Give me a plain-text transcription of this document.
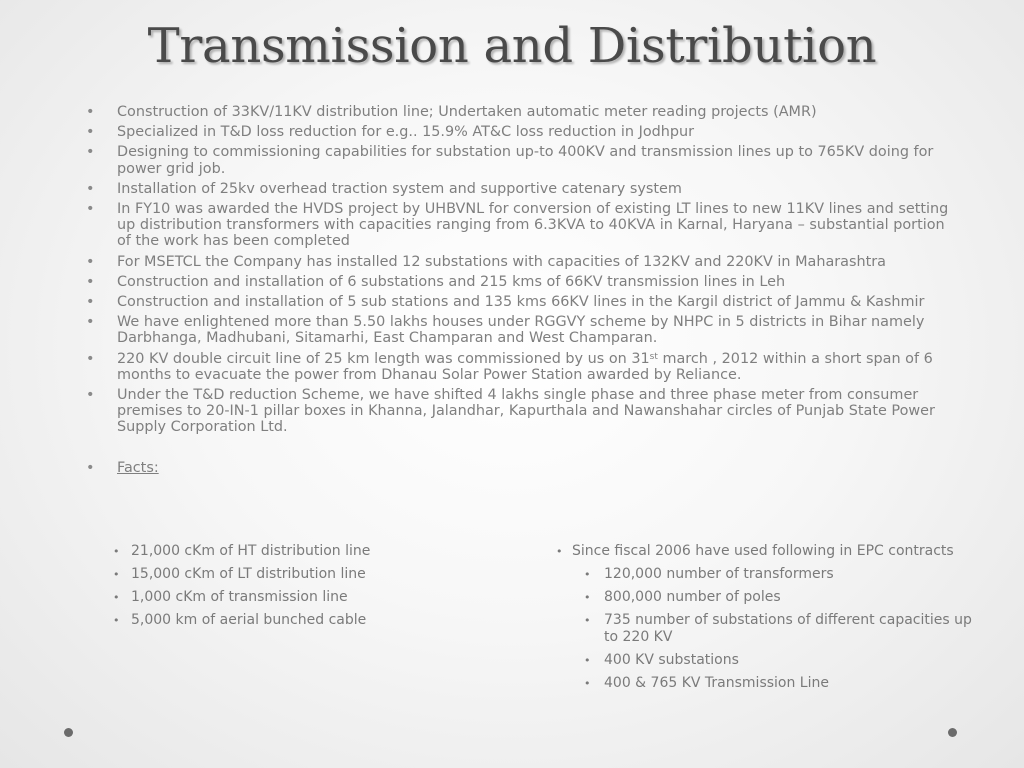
Transmission and Distribution
• Construction of 33KV/11KV distribution line; Undertaken automatic meter reading projects (AMR)
• Specialized in T&D loss reduction for e.g.. 15.9% AT&C loss reduction in Jodhpur
• Designing to commissioning capabilities for substation up-to 400KV and transmission lines up to 765KV doing for power grid job.
• Installation of 25kv overhead traction system and supportive catenary system
• In FY10 was awarded the HVDS project by UHBVNL for conversion of existing LT lines to new 11KV lines and setting up distribution transformers with capacities ranging from 6.3KVA to 40KVA in Karnal, Haryana – substantial portion of the work has been completed
• For MSETCL the Company has installed 12 substations with capacities of 132KV and 220KV in Maharashtra
• Construction and installation of 6 substations and 215 kms of 66KV transmission lines in Leh
• Construction and installation of 5 sub stations and 135 kms 66KV lines in the Kargil district of Jammu & Kashmir
• We have enlightened more than 5.50 lakhs houses under RGGVY scheme by NHPC in 5 districts in Bihar namely Darbhanga, Madhubani, Sitamarhi, East Champaran and West Champaran.
• 220 KV double circuit line of 25 km length was commissioned by us on 31st march , 2012 within a short span of 6 months to evacuate the power from Dhanau Solar Power Station awarded by Reliance.
• Under the T&D reduction Scheme, we have shifted 4 lakhs single phase and three phase meter from consumer premises to 20-IN-1 pillar boxes in Khanna, Jalandhar, Kapurthala and Nawanshahar circles of Punjab State Power Supply Corporation Ltd.
• Facts:
• 21,000 cKm of HT distribution line
• 15,000 cKm of LT distribution line
• 1,000 cKm of transmission line
• 5,000 km of aerial bunched cable
• Since fiscal 2006 have used following in EPC contracts
• 120,000 number of transformers
• 800,000 number of poles
• 735 number of substations of different capacities up to 220 KV
• 400 KV substations
• 400 & 765 KV Transmission Line
